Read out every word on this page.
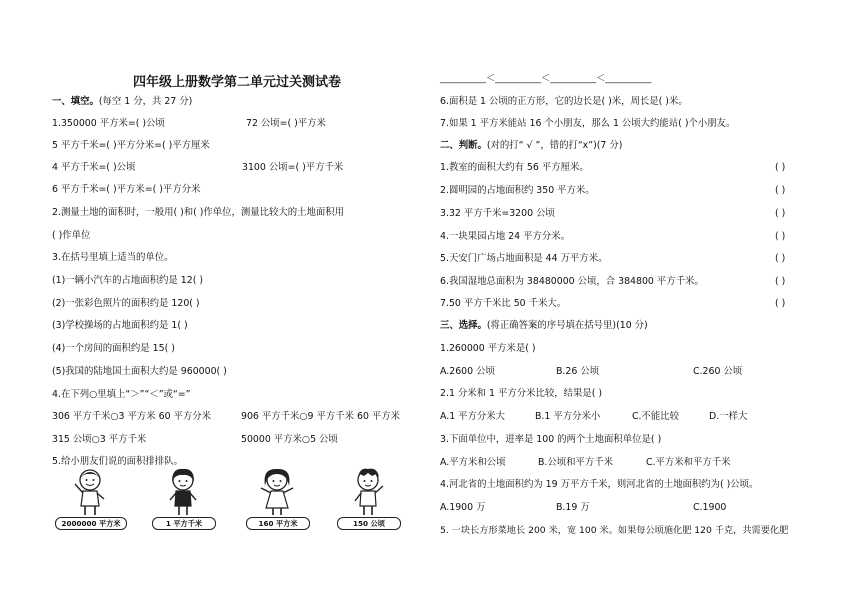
四年级上册数学第二单元过关测试卷
一、填空。(每空 1 分，共 27 分)
1.350000 平方米=( )公顷	72 公顷=( )平方米
5 平方千米=( )平方分米=( )平方厘米
4 平方千米=( )公顷	3100 公顷=( )平方千米
6 平方千米=( )平方米=( )平方分米
2.测量土地的面积时，一般用( )和( )作单位，测量比较大的土地面积用
( )作单位
3.在括号里填上适当的单位。
(1)一辆小汽车的占地面积约是 12( )
(2)一张彩色照片的面积约是 120( )
(3)学校操场的占地面积约是 1( )
(4)一个房间的面积约是 15( )
(5)我国的陆地国土面积大约是 960000( )
4.在下列○里填上“＞”“＜”或“=”
306 平方千米○3 平方米 60 平方分米	906 平方千米○9 平方千米 60 平方米
315 公顷○3 平方千米	50000 平方米○5 公顷
5.给小朋友们说的面积排排队。
2000000 平方米	1 平方千米	160 平方米	150 公顷
__________＜__________＜__________＜__________
6.面积是 1 公顷的正方形，它的边长是( )米，周长是( )米。
7.如果 1 平方米能站 16 个小朋友，那么 1 公顷大约能站( )个小朋友。
二、判断。(对的打“ √ ”，错的打“x”)(7 分)
1.教室的面积大约有 56 平方厘米。	( )
2.圆明园的占地面积约 350 平方米。	( )
3.32 平方千米=3200 公顷	( )
4.一块果园占地 24 平方分米。	( )
5.天安门广场占地面积是 44 万平方米。	( )
6.我国湿地总面积为 38480000 公顷，合 384800 平方千米。	( )
7.50 平方千米比 50 千米大。	( )
三、选择。(将正确答案的序号填在括号里)(10 分)
1.260000 平方米是( )
A.2600 公顷	B.26 公顷	C.260 公顷
2.1 分米和 1 平方分米比较，结果是( )
A.1 平方分米大	B.1 平方分米小	C.不能比较	D.一样大
3.下面单位中，进率是 100 的两个土地面积单位是( )
A.平方米和公顷	B.公顷和平方千米	C.平方米和平方千米
4.河北省的土地面积约为 19 万平方千米，则河北省的土地面积约为( )公顷。
A.1900 万	B.19 万	C.1900
5. 一块长方形菜地长 200 米，宽 100 米。如果每公顷施化肥 120 千克，共需要化肥
